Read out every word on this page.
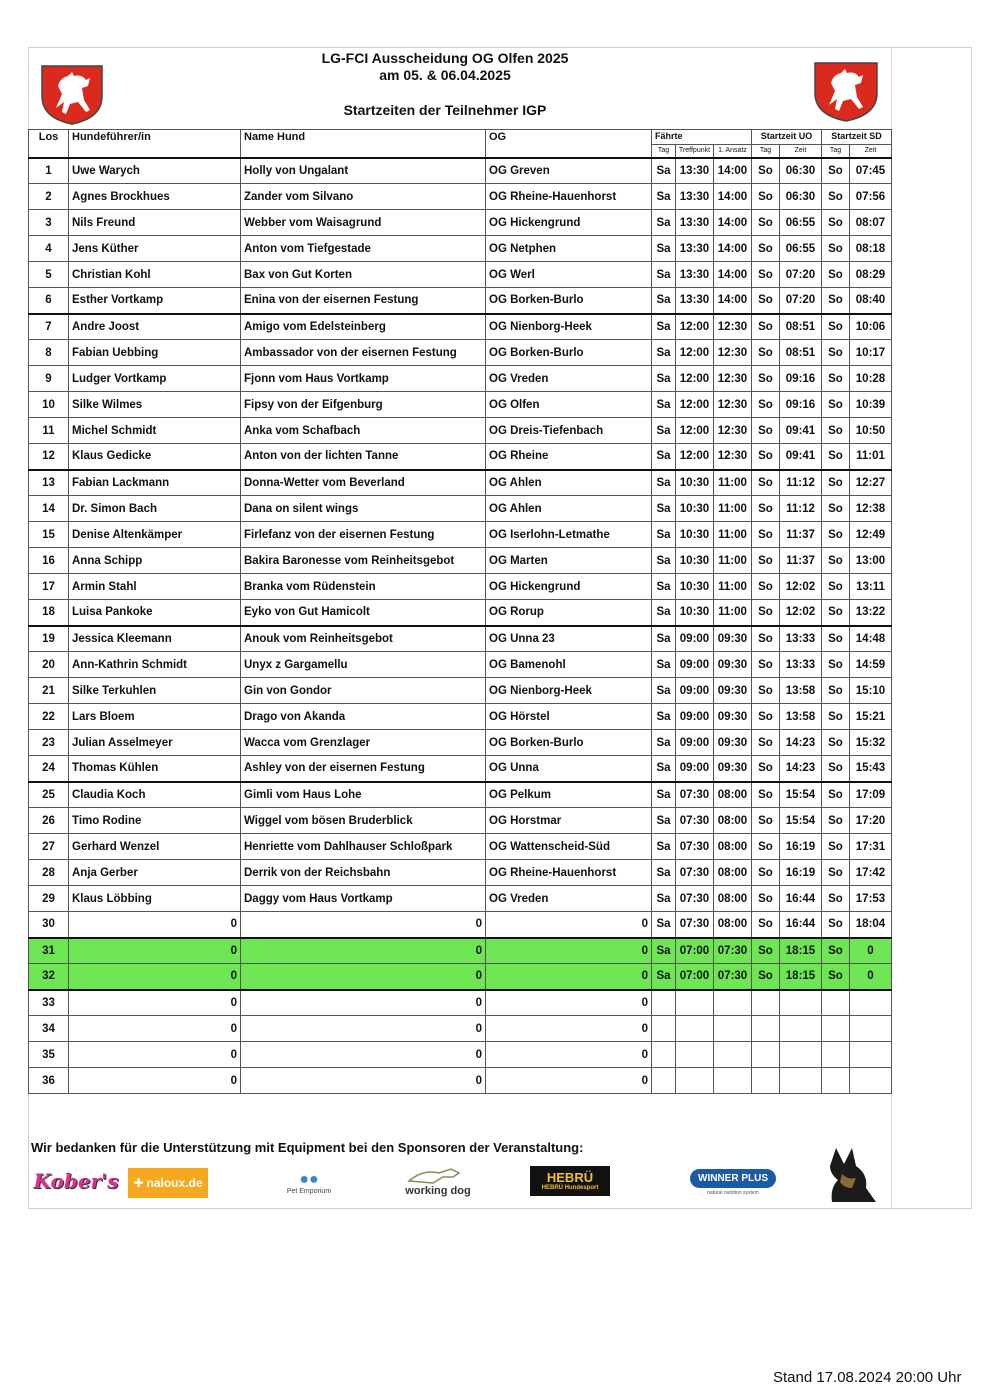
LG-FCI Ausscheidung OG Olfen 2025
am 05. & 06.04.2025
Startzeiten der Teilnehmer IGP
Los	Hundeführer/in	Name Hund	OG	Fährte			Startzeit UO		Startzeit SD	
				Tag	Treffpunkt	1. Ansatz	Tag	Zeit	Tag	Zeit
1	Uwe Warych	Holly von Ungalant	OG Greven	Sa	13:30	14:00	So	06:30	So	07:45
2	Agnes Brockhues	Zander vom Silvano	OG Rheine-Hauenhorst	Sa	13:30	14:00	So	06:30	So	07:56
3	Nils Freund	Webber vom Waisagrund	OG Hickengrund	Sa	13:30	14:00	So	06:55	So	08:07
4	Jens Küther	Anton vom Tiefgestade	OG Netphen	Sa	13:30	14:00	So	06:55	So	08:18
5	Christian Kohl	Bax von Gut Korten	OG Werl	Sa	13:30	14:00	So	07:20	So	08:29
6	Esther Vortkamp	Enina von der eisernen Festung	OG Borken-Burlo	Sa	13:30	14:00	So	07:20	So	08:40
7	Andre Joost	Amigo vom Edelsteinberg	OG Nienborg-Heek	Sa	12:00	12:30	So	08:51	So	10:06
8	Fabian Uebbing	Ambassador von der eisernen Festung	OG Borken-Burlo	Sa	12:00	12:30	So	08:51	So	10:17
9	Ludger Vortkamp	Fjonn vom Haus Vortkamp	OG Vreden	Sa	12:00	12:30	So	09:16	So	10:28
10	Silke Wilmes	Fipsy von der Eifgenburg	OG Olfen	Sa	12:00	12:30	So	09:16	So	10:39
11	Michel Schmidt	Anka vom Schafbach	OG Dreis-Tiefenbach	Sa	12:00	12:30	So	09:41	So	10:50
12	Klaus Gedicke	Anton von der lichten Tanne	OG Rheine	Sa	12:00	12:30	So	09:41	So	11:01
13	Fabian Lackmann	Donna-Wetter vom Beverland	OG Ahlen	Sa	10:30	11:00	So	11:12	So	12:27
14	Dr. Simon Bach	Dana on silent wings	OG Ahlen	Sa	10:30	11:00	So	11:12	So	12:38
15	Denise Altenkämper	Firlefanz von der eisernen Festung	OG Iserlohn-Letmathe	Sa	10:30	11:00	So	11:37	So	12:49
16	Anna Schipp	Bakira Baronesse vom Reinheitsgebot	OG Marten	Sa	10:30	11:00	So	11:37	So	13:00
17	Armin Stahl	Branka vom Rüdenstein	OG Hickengrund	Sa	10:30	11:00	So	12:02	So	13:11
18	Luisa Pankoke	Eyko von Gut Hamicolt	OG Rorup	Sa	10:30	11:00	So	12:02	So	13:22
19	Jessica Kleemann	Anouk vom Reinheitsgebot	OG Unna 23	Sa	09:00	09:30	So	13:33	So	14:48
20	Ann-Kathrin Schmidt	Unyx z Gargamellu	OG Bamenohl	Sa	09:00	09:30	So	13:33	So	14:59
21	Silke Terkuhlen	Gin von Gondor	OG Nienborg-Heek	Sa	09:00	09:30	So	13:58	So	15:10
22	Lars Bloem	Drago von Akanda	OG Hörstel	Sa	09:00	09:30	So	13:58	So	15:21
23	Julian Asselmeyer	Wacca vom Grenzlager	OG Borken-Burlo	Sa	09:00	09:30	So	14:23	So	15:32
24	Thomas Kühlen	Ashley von der eisernen Festung	OG Unna	Sa	09:00	09:30	So	14:23	So	15:43
25	Claudia Koch	Gimli vom Haus Lohe	OG Pelkum	Sa	07:30	08:00	So	15:54	So	17:09
26	Timo Rodine	Wiggel vom bösen Bruderblick	OG Horstmar	Sa	07:30	08:00	So	15:54	So	17:20
27	Gerhard Wenzel	Henriette vom Dahlhauser Schloßpark	OG Wattenscheid-Süd	Sa	07:30	08:00	So	16:19	So	17:31
28	Anja Gerber	Derrik von der Reichsbahn	OG Rheine-Hauenhorst	Sa	07:30	08:00	So	16:19	So	17:42
29	Klaus Löbbing	Daggy vom Haus Vortkamp	OG Vreden	Sa	07:30	08:00	So	16:44	So	17:53
30	0	0	0	Sa	07:30	08:00	So	16:44	So	18:04
31	0	0	0	Sa	07:00	07:30	So	18:15	So	0
32	0	0	0	Sa	07:00	07:30	So	18:15	So	0
33	0	0	0							
34	0	0	0							
35	0	0	0							
36	0	0	0							
Wir bedanken für die Unterstützung mit Equipment bei den Sponsoren der Veranstaltung:
Kober's ✚ naloux.de	●●
Pet Emporium	working dog
HEBRÜ
HEBRÜ Hundesport
WINNER PLUS
natural nutrition system
Stand 17.08.2024 20:00 Uhr
